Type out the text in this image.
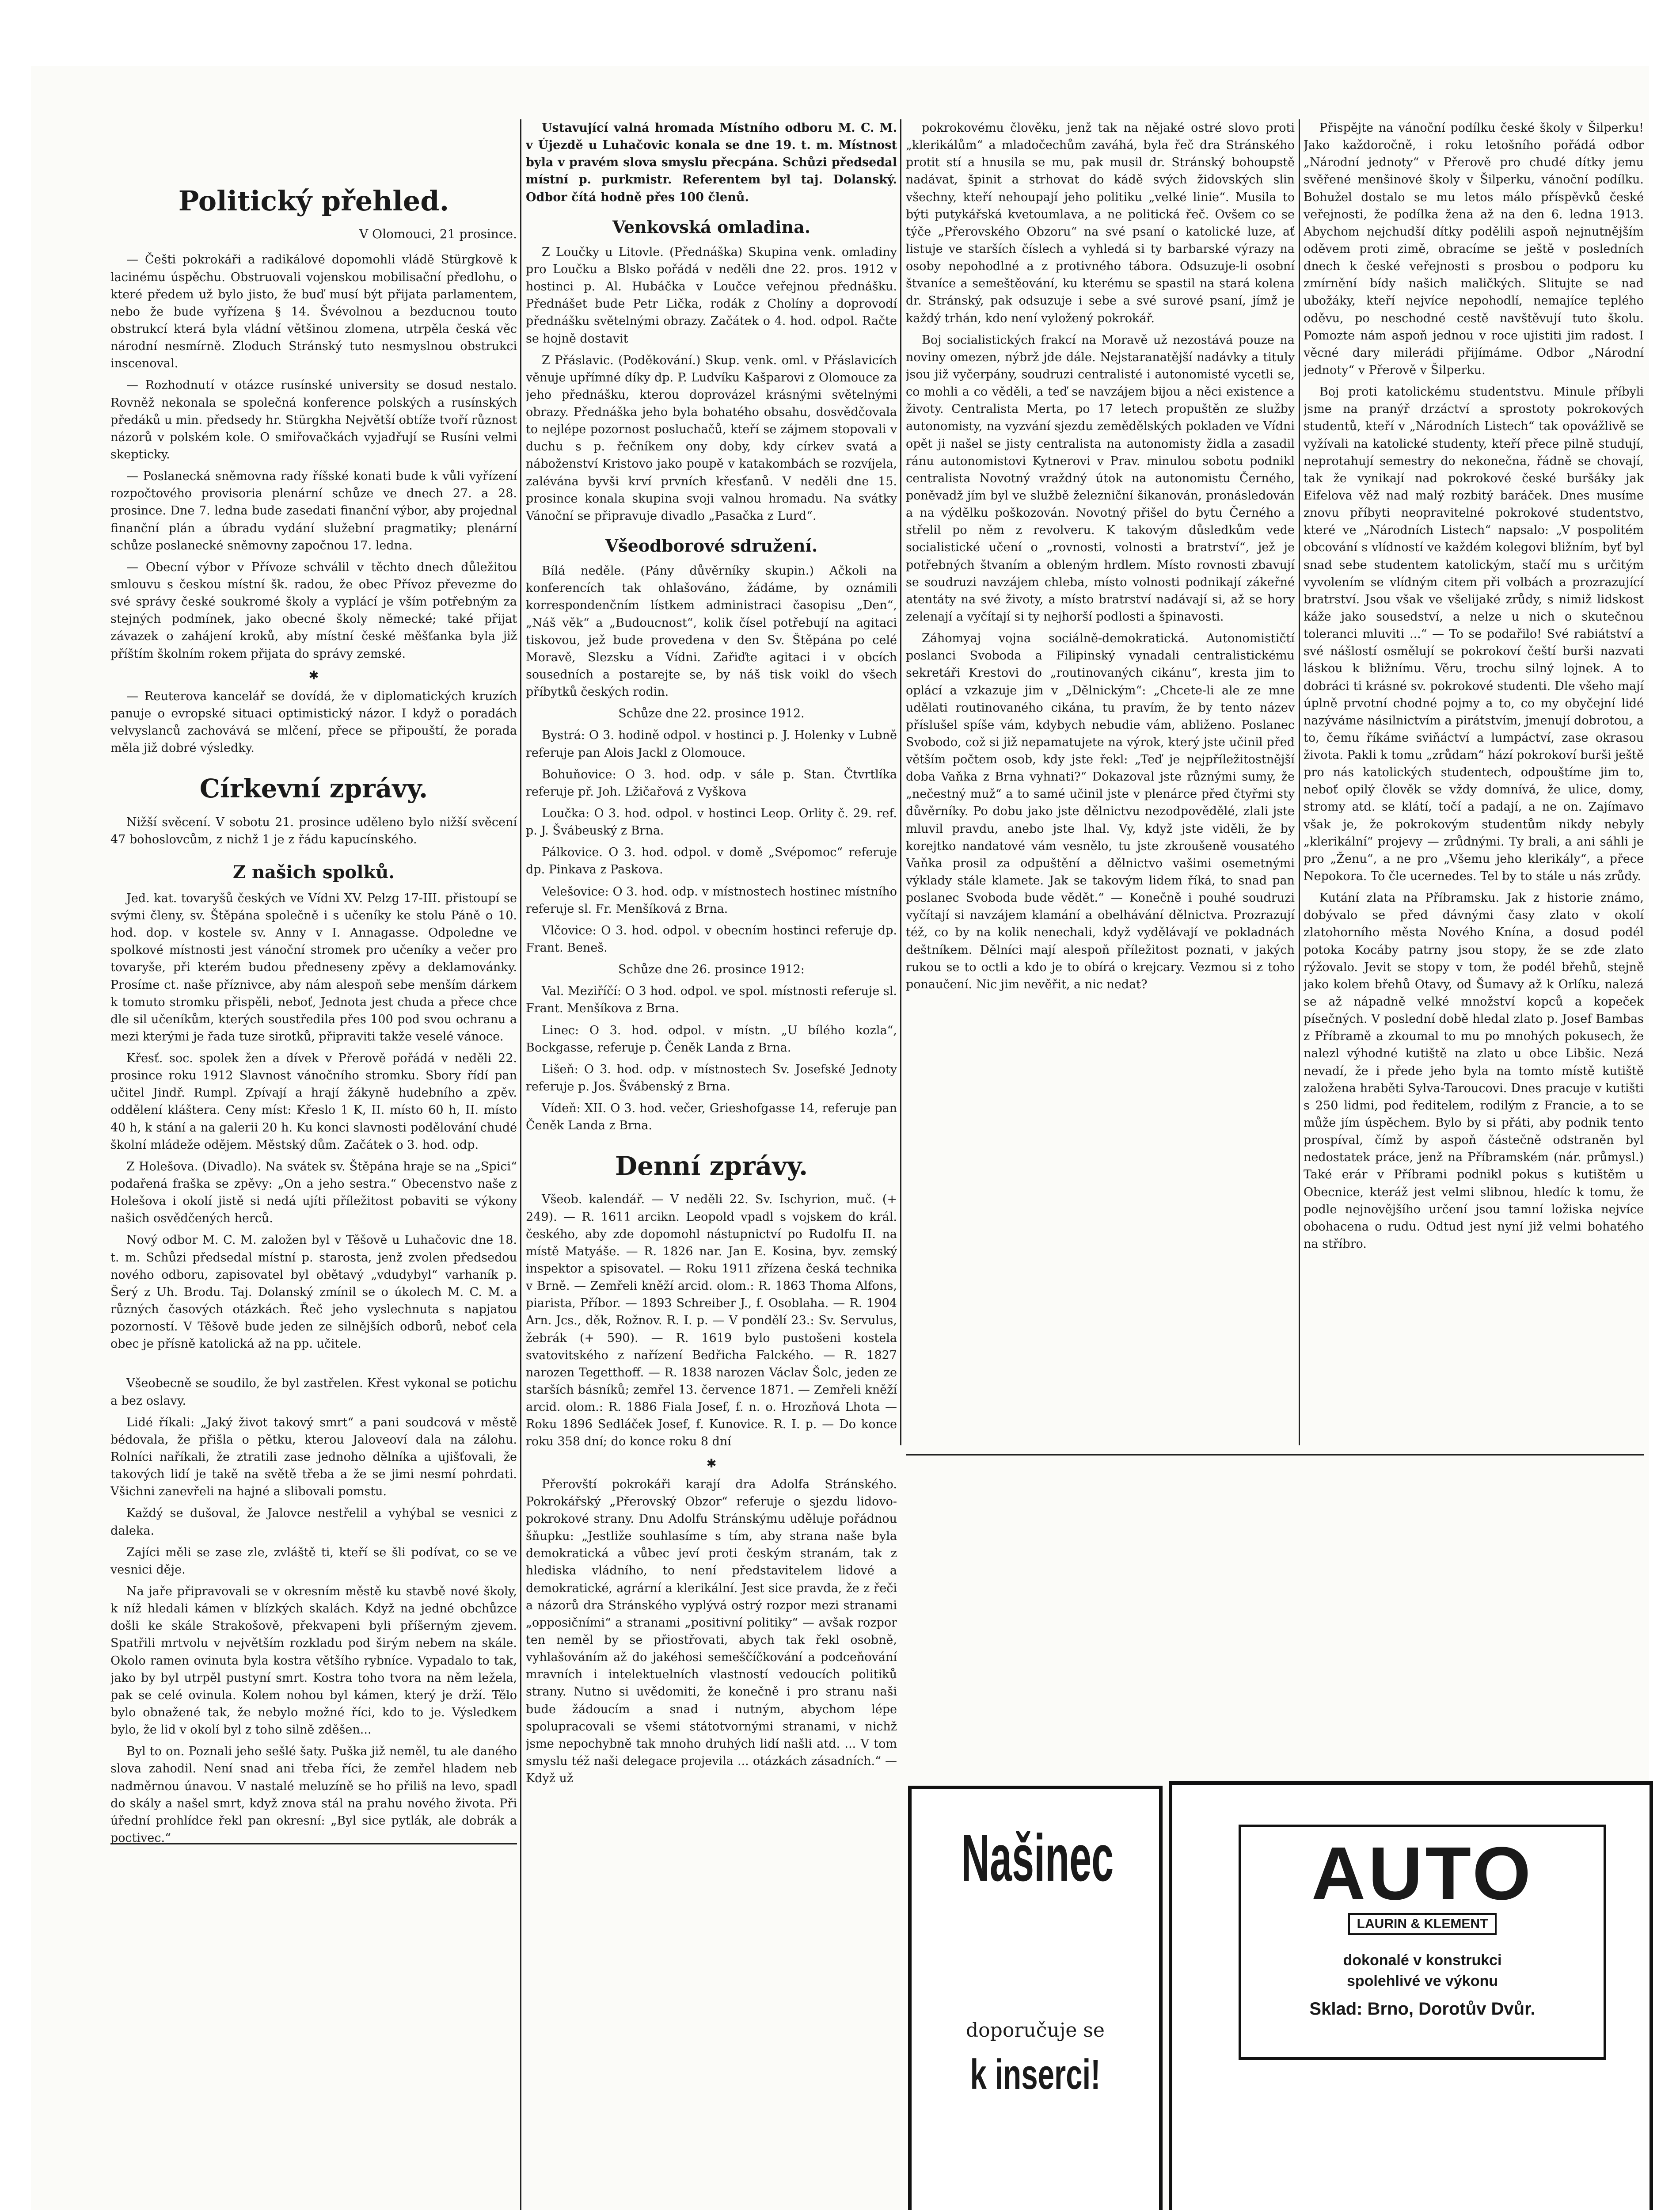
Politický přehled.
V Olomouci, 21 prosince.

— Češti pokrokáři a radikálové dopomohli vládě Stürgkově k lacinému úspěchu. Obstruovali vojenskou mobilisační předlohu, o které předem už bylo jisto, že buď musí být přijata parlamentem, nebo že bude vyřízena § 14. Švévolnou a bezducnou touto obstrukcí která byla vládní většinou zlomena, utrpěla česká věc národní nesmírně. Zloduch Stránský tuto nesmyslnou obstrukci inscenoval.

— Rozhodnutí v otázce rusínské university se dosud nestalo. Rovněž nekonala se společná konference polských a rusínských předáků u min. předsedy hr. Stürgkha Největší obtíže tvoří různost názorů v polském kole. O smiřovačkách vyjadřují se Rusíni velmi skepticky.

— Poslanecká sněmovna rady říšské konati bude k vůli vyřízení rozpočtového provisoria plenární schůze ve dnech 27. a 28. prosince. Dne 7. ledna bude zasedati finanční výbor, aby projednal finanční plán a úbradu vydání služební pragmatiky; plenární schůze poslanecké sněmovny započnou 17. ledna.

— Obecní výbor v Přívoze schválil v těchto dnech důležitou smlouvu s českou místní šk. radou, že obec Přívoz převezme do své správy české soukromé školy a vyplácí je vším potřebným za stejných podmínek, jako obecné školy německé; také přijat závazek o zahájení kroků, aby místní české měšťanka byla již příštím školním rokem přijata do správy zemské.

✱

— Reuterova kancelář se dovídá, že v diplomatických kruzích panuje o evropské situaci optimistický názor. I když o poradách velvyslanců zachovává se mlčení, přece se připouští, že porada měla již dobré výsledky.

Církevní zprávy.

Nižší svěcení. V sobotu 21. prosince udělenо bylo nižší svěcení 47 bohoslovcům, z nichž 1 je z řádu kapucínského.

Z našich spolků.

Jed. kat. tovaryšů českých ve Vídni XV. Pelzg 17-III. přistoupí se svými členy, sv. Štěpána společně i s učeníky ke stolu Páně o 10. hod. dop. v kostele sv. Anny v I. Annagasse. Odpoledne ve spolkové místnosti jest vánoční stromek pro učeníky a večer pro tovaryše, při kterém budou předneseny zpěvy a deklamovánky. Prosíme ct. naše příznivce, aby nám alespoň sebe menším dárkem k tomuto stromku přispěli, neboť, Jednota jest chuda a přece chce dle sil učeníkům, kterých soustředila přes 100 pod svou ochranu a mezi kterými je řada tuze sirotků, připraviti takže veselé vánoce.

Křesť. soc. spolek žen a dívek v Přerově pořádá v neděli 22. prosince roku 1912 Slavnost vánočního stromku. Sbory řídí pan učitel Jindř. Rumpl. Zpívají a hrají žákyně hudebního a zpěv. oddělení klášterа. Ceny míst: Křeslo 1 K, II. místo 60 h, II. místo 40 h, k stání a na galerii 20 h. Ku konci slavnosti podělování chudé školní mládeže odějem. Městský dům. Začátek o 3. hod. odp.

Z Holešova. (Divadlo). Na svátek sv. Štěpána hraje se na „Spici“ podařená fraška se zpěvy: „On a jeho sestra.“ Obecenstvo naše z Holešova i okolí jistě si nedá ujíti příležitost pobaviti se výkony našich osvědčených herců.

Nový odbor M. C. M. založen byl v Těšově u Luhačovic dne 18. t. m. Schůzi předsedal místní p. starosta, jenž zvolen předsedou nového odboru, zapisovatel byl obětavý „vdudybyl“ varhaník p. Šerý z Uh. Brodu. Taj. Dolanský zmínil se o úkolech M. C. M. a různých časových otázkách. Řeč jeho vyslechnuta s napjatou pozorností. V Těšově bude jeden ze silnějších odborů, neboť cela obec je přísně katolická až na pp. učitele.

Všeobecně se soudilo, že byl zastřelen. Křest vykonal se potichu a bez oslavy.

Lidé říkali: „Jaký život takový smrt“ a pani soudcová v městě bédovala, že přišla o pětku, kterou Jaloveoví dala na zálohu. Rolníci naříkali, že ztratili zase jednoho dělníka a ujišťovali, že takových lidí je takě na světě třeba a že se jimi nesmí pohrdati. Všichni zanevřeli na hajné a slibovali pomstu.

Každý se dušoval, že Jalovce nestřelil a vyhýbal se vesnici z daleka.

Zajíci měli se zase zle, zvláště ti, kteří se šli podívat, co se ve vesnici děje.

Na jaře připravovali se v okresním městě ku stavbě nové školy, k níž hledali kámen v blízkých skalách. Když na jedné obchůzce došli ke skále Strakošově, překvapeni byli příšerným zjevem. Spatřili mrtvolu v největším rozkladu pod širým nebem na skále. Okolo ramen ovinuta byla kostra většího rybníce. Vypadalo to tak, jako by byl utrpěl pustyní smrt. Kostra toho tvora na něm ležela, pak se celé ovinula. Kolem nohou byl kámen, který je drží. Tělo bylo obnažené tak, že nebylo možné říci, kdo to je. Výsledkem bylo, že lid v okolí byl z toho silně zděšen...

Byl to on. Poznali jeho sešlé šaty. Puška již neměl, tu ale daného slova zahodil. Není snad ani třeba říci, že zemřel hladem neb nadměrnou únavou. V nastalé meluzíně se ho přiliš na levo, spadl do skály a našel smrt, když znova stál na prahu nového života. Při úřední prohlídce řekl pan okresní: „Byl sice pytlák, ale dobrák a poctivec.“

Ustavující valná hromada Místního odboru M. C. M. v Újezdě u Luhačovic konala se dne 19. t. m. Místnost byla v pravém slova smyslu přecpána. Schůzi předsedal místní p. purkmistr. Referentem byl taj. Dolanský. Odbor čítá hodně přes 100 členů.

Venkovská omladina.

Z Loučky u Litovle. (Přednáška) Skupina venk. omladiny pro Loučku a Blsko pořádá v neděli dne 22. pros. 1912 v hostinci p. Al. Hubáčka v Loučce veřejnou přednášku. Přednášet bude Petr Lička, rodák z Cholíny a doprovodí přednášku světelnými obrazy. Začátek o 4. hod. odpol. Račte se hojně dostavit

Z Přáslavic. (Poděkování.) Skup. venk. oml. v Přáslavicích věnuje upřímné díky dp. P. Ludvíku Kašparovi z Olomouce za jeho přednášku, kterou doprovázel krásnými světelnými obrazy. Přednáška jeho byla bohatého obsahu, dosvědčovala to nejlépe pozornost posluchačů, kteří se zájmem stopovali v duchu s p. řečníkem ony doby, kdy církev svatá a náboženství Kristovo jako poupě v katakombách se rozvíjela, zalévána byvši krví prvních křesťanů. V neděli dne 15. prosince konala skupina svoji valnou hromadu. Na svátky Vánoční se připravuje divadlo „Pasačka z Lurd“.

Všeodborové sdružení.

Bílá neděle. (Pány důvěrníky skupin.) Ačkoli na konferencích tak ohlašováno, žádáme, by oznámili korrespondenčním lístkem administraci časopisu „Den“, „Náš věk“ a „Budoucnost“, kolik čísel potřebují na agitaci tiskovou, jež bude provedena v den Sv. Štěpána po celé Moravě, Slezsku a Vídni. Zařiďte agitaci i v obcích sousedních a postarejte se, by náš tisk voikl do všech příbytků českých rodin.

Schůze dne 22. prosince 1912.

Bystrá: O 3. hodině odpol. v hostinci p. J. Holenky v Lubně referuje pan Alois Jackl z Olomouce.

Bohuňovice: O 3. hod. odp. v sále p. Stan. Čtvrtlíka referuje př. Joh. Lžičařová z Vyškova

Loučka: O 3. hod. odpol. v hostinci Leop. Orlity č. 29. ref. p. J. Švábeuský z Brna.

Pálkovice. O 3. hod. odpol. v domě „Svépomoc“ referuje dp. Pinkava z Paskova.

Velešovice: O 3. hod. odp. v místnostech hostinec místního referuje sl. Fr. Menšíková z Brna.

Vlčovice: O 3. hod. odpol. v obecním hostinci referuje dp. Frant. Beneš.

Schůze dne 26. prosince 1912:

Val. Meziříčí: O 3 hod. odpol. ve spol. místnosti referuje sl. Frant. Menšíkova z Brna.

Linec: O 3. hod. odpol. v místn. „U bílého kozla“, Bockgasse, referuje p. Čeněk Landa z Brna.

Lišeň: O 3. hod. odp. v místnostech Sv. Josefské Jednoty referuje p. Jos. Švábenský z Brna.

Vídeň: XII. O 3. hod. večer, Grieshofgasse 14, referuje pan Čeněk Landa z Brna.

Denní zprávy.

Všeob. kalendář. — V neděli 22. Sv. Ischyrion, muč. (+ 249). — R. 1611 arcikn. Leopold vpadl s vojskem do král. českého, aby zde dopomohl nástupnictví po Rudolfu II. na místě Matyáše. — R. 1826 nar. Jan E. Kosina, byv. zemský inspektor a spisovatel. — Roku 1911 zřízena česká technika v Brně. — Zemřeli kněží arcid. olom.: R. 1863 Thoma Alfons, piaristа, Příbor. — 1893 Schreiber J., f. Osoblaha. — R. 1904 Arn. Jcs., děk, Rožnov. R. I. p. — V pondělí 23.: Sv. Servulus, žebrák (+ 590). — R. 1619 bylo pustošeni kostela svatovitského z nařízení Bedřicha Falckého. — R. 1827 narozen Tegetthoff. — R. 1838 narozen Václav Šolc, jeden ze starších básníků; zemřel 13. července 1871. — Zemřeli kněží arcid. olom.: R. 1886 Fiala Josef, f. n. o. Hrozňová Lhota — Roku 1896 Sedláček Josef, f. Kunovice. R. I. p. — Do konce roku 358 dní; do konce roku 8 dní

✱

Přerovští pokrokáři karají dra Adolfa Stránského. Pokrokářský „Přerovský Obzor“ referuje o sjezdu lidovo-pokrokové strany. Dnu Adolfu Stránskýmu uděluje pořádnou šňupku: „Jestliže souhlasíme s tím, aby strana naše byla demokratická a vůbec jeví proti českým stranám, tak z hlediska vládního, to není představitelem lidové a demokratické, agrární a klerikální. Jest sice pravda, že z řeči a názorů dra Stránského vyplývá ostrý rozpor mezi stranami „opposičními“ a stranami „positivní politiky“ — avšak rozpor ten neměl by se přiostřovati, abych tak řekl osobně, vyhlašováním až do jakéhosi semeščíčkování a podceňování mravních i intelektuelních vlastností vedoucích politiků strany. Nutno si uvědomiti, že konečně i pro stranu naši bude žádoucím a snad i nutným, abychom lépe spolupracovali se všemi státotvornými stranami, v nichž jsme nepochybně tak mnoho druhých lidí našli atd. ... V tom smyslu též naši delegace projevila ... otázkách zásadních.“ — Když už

pokrokovému člověku, jenž tak na nějaké ostré slovo proti „klerikálům“ a mladočechům zaváhá, byla řeč dra Stránského protit stí a hnusila se mu, pak musil dr. Stránský bohoupstě nadávat, špinit a strhovat do kádě svých židovských slin všechny, kteří nehoupají jeho politiku „velké linie“. Musila to býti putykářská kvetoumlava, a ne politická řeč. Ovšem co se týče „Přerovského Obzoru“ na své psaní o katolické luze, ať listuje ve starších číslech a vyhledá si ty barbarské výrazy na osoby nepohodlné a z protivného tábora. Odsuzuje-li osobní štvaníce a semeštěování, ku kterému se spastil na stará kolena dr. Stránský, pak odsuzuje i sebe a své surové psaní, jímž je každý trhán, kdo není vyložený pokrokář.

Boj socialistických frakcí na Moravě už nezostává pouze na noviny omezen, nýbrž jde dále. Nejstaranatější nadávky a tituly jsou již vyčerpány, soudruzi centralisté i autonomisté vycetli se, co mohli a co věděli, a teď se navzájem bijou a něci existence a životy. Centralista Merta, po 17 letech propuštěn ze služby autonomisty, na vyzvání sjezdu zemědělských pokladen ve Vídni opět ji našel se jisty centralista na autonomisty židlа a zasadil ránu autonomistovi Kytnerovi v Prav. minulou sobotu podnikl centralista Novotný vraždný útok na autonomistu Černého, poněvadž jím byl ve službě železniční šikanován, pronásledován a na výdělku poškozován. Novotný přišel do bytu Černého a střelil po něm z revolveru. K takovým důsledkům vede socialistické učení o „rovnosti, volnosti a bratrství“, jež je potřebných štvaním a obleným hrdlem. Místo rovnosti zbavují se soudruzi navzájem chleba, místo volnosti podnikají zákeřné atentáty na své životy, a místo bratrství nadávají si, až se hory zelenají a vyčítají si ty nejhorší podlosti a špinavosti.

Záhomyaj vojna sociálně-demokratická. Autonomističtí poslanci Svoboda a Filipinský vynadali centralistickému sekretáři Krestovi do „routinovaných cikánu“, kresta jim to oplácí a vzkazuje jim v „Dělnickým“: „Chcete-li ale ze mne udělati routinovaného cikána, tu pravím, že by tento název příslušel spíše vám, kdybych nebudie vám, abliženo. Poslanec Svobodo, což si již nepamatujete na výrok, který jste učinil před větším počtem osob, kdy jste řekl: „Teď je nejpříležitostnější doba Vaňka z Brna vyhnati?“ Dokazoval jste různými sumy, že „nečestný muž“ a to samé učinil jste v plenárce před čtyřmi sty důvěrníky. Po dobu jako jste dělnictvu nezodpovědělé, zlali jste mluvil pravdu, anebo jste lhal. Vy, když jste viděli, že by korejtko nandatové vám vesnělo, tu jste zkroušeně vousatého Vaňka prosil za odpuštění a dělnictvo vašimi osemetnými výklady stále klamete. Jak se takovým lidem říká, to snad pan poslanec Svoboda bude vědět.“ — Konečně i pouhé soudruzi vyčítají si navzájem klamání a obelhávání dělnictva. Prozrazují též, co by na kolik nenechali, když vydělávají ve pokladnách deštníkem. Dělníci mají alespoň příležitost poznati, v jakých rukou se to octlі a kdo je to obírá o krejcary. Vezmou si z toho ponaučení. Nic jim nevěřit, a nic nedat?

Přispějte na vánoční podílku české školy v Šilperku! Jako každoročně, i roku letošního pořádá odbor „Národní jednoty“ v Přerově pro chudé dítky jemu svěřené menšinové školy v Šilperku, vánoční podílku. Bohužel dostalo se mu letos málo příspěvků české veřejnosti, že podílka žena až na den 6. ledna 1913. Abychom nejchudší dítky podělili aspoň nejnutnějším oděvem proti zimě, obracíme se ještě v posledních dnech k české veřejnosti s prosbou o podporu ku zmírnění bídy našich maličkých. Slitujte se nad ubožáky, kteří nejvíce nepohodlí, nemajíce teplého oděvu, po neschodné cestě navštěvují tuto školu. Pomozte nám aspoň jednou v roce ujistiti jim radost. I věcné dary milerádi přijímáme. Odbor „Národní jednoty“ v Přerově v Šilperku.

Boj proti katolickému studentstvu. Minule příbyli jsme na pranýř drzáctví a sprostoty pokrokových studentů, kteří v „Národních Listech“ tak opovážlivě se vyžívali na katolické studenty, kteří přece pilně studují, neprotahují semestry do nekonečna, řádně se chovají, tak že vynikají nad pokrokové české buršáky jak Eifelova věž nad malý rozbitý baráček. Dnes musíme znovu příbyti neopravitelné pokrokové studentstvo, které ve „Národních Listech“ napsalo: „V pospolitém obcování s vlídností ve každém kolegovi bližním, byť byl snad sebe studentem katolickým, stačí mu s určitým vyvolením se vlídným citem při volbách a prozrazující bratrství. Jsou však ve všelijaké zrůdy, s nimiž lidskost káže jako sousedství, a nelze u nich o skutečnou toleranci mluviti ...“ — To se podařilo! Své rabiátství a své nášlostí osmělují se pokrokoví čeští burši nazvati láskou k bližnímu. Věru, trochu silný lojnek. A to dobráci ti krásné sv. pokrokové studenti. Dle všeho mají úplně prvotní chodné pojmy a to, co my obyčejní lidé nazýváme násilnictvím a pirátstvím, jmenují dobrotou, a to, čemu říkáme sviňáctví a lumpáctví, zase okrasou života. Pakli k tomu „zrůdam“ hází pokrokoví burši ještě pro nás katolických studentech, odpouštíme jim to, neboť opilý člověk se vždy domnívá, že ulice, domy, stromy atd. se klátí, točí a padají, a ne on. Zajímavo však je, že pokrokovým studentům nikdy nebyly „klerikální“ projevy — zrůdnými. Ty brali, a ani sáhli je pro „Ženu“, a ne pro „Všemu jeho klerikály“, a přece Nepokora. To čle ucernedes. Tel by to stále u nás zrůdy.

Kutání zlata na Příbramsku. Jak z historie známo, dobývalo se před dávnými časy zlato v okolí zlatohorního města Nového Knína, a dosud podél potoka Kocáby patrny jsou stopy, že se zde zlato rýžovalo. Jevit se stopy v tom, že podél břehů, stejně jako kolem břehů Otavy, od Šumavy až k Orlíku, nalezá se až nápadně velké množství kopců a kopeček písečných. V poslední době hledal zlato p. Josef Bambas z Příbramě a zkoumal to mu po mnohých pokusech, že nalezl výhodné kutiště na zlato u obce Libšic. Nezá nevadí, že i přede jeho byla na tomto místě kutiště založena hraběti Sylva-Taroucovi. Dnes pracuje v kutišti s 250 lidmi, pod ředitelem, rodilým z Francie, a to se může jím úspěchem. Bylo by si přáti, aby podnik tento prospíval, čímž by aspoň částečně odstraněn byl nedostatek práce, jenž na Příbramském (nár. průmysl.) Také erár v Příbrami podnikl pokus s kutištěm u Obecnice, kteráž jest velmi slibnou, hledíc k tomu, že podle nejnovějšího určení jsou tamní ložiska nejvíce obohacena o rudu. Odtud jest nyní již velmi bohatého na stříbro.

Našinec
doporučuje se
k inserci!
AUTO
LAURIN & KLEMENT
dokonalé v konstrukci
spolehlivé ve výkonu
Sklad: Brno, Dorotův Dvůr.
